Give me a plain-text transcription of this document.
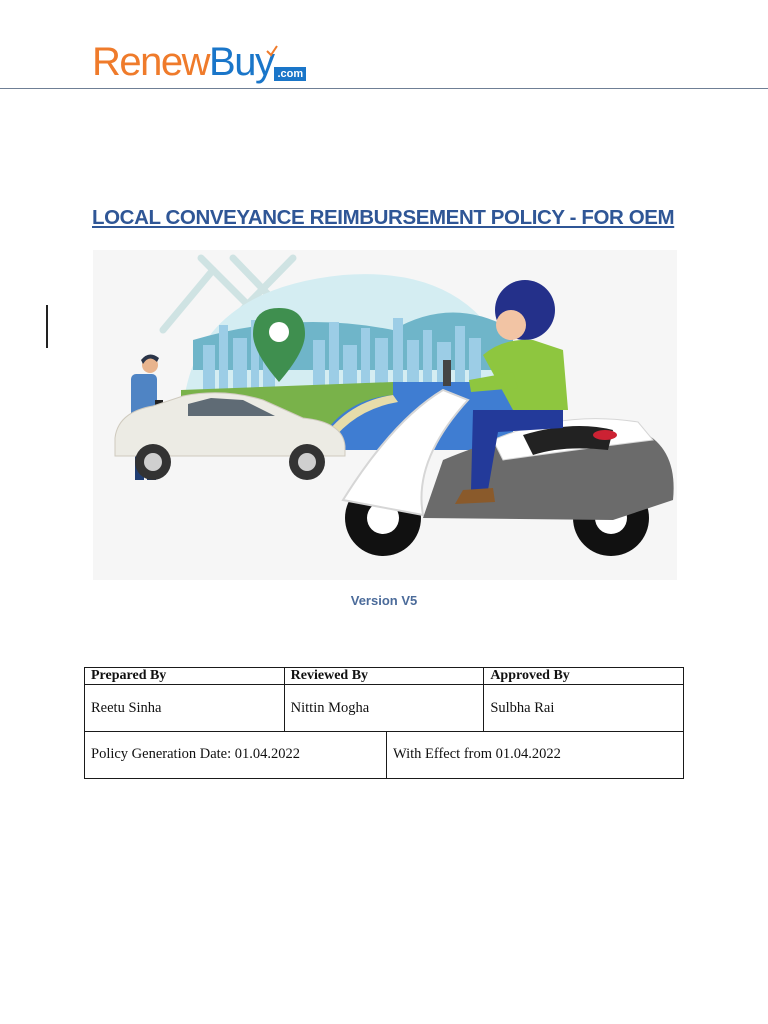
RenewBuy .com
LOCAL CONVEYANCE REIMBURSEMENT POLICY - FOR OEM
Version V5
Prepared By	Reviewed By	Approved By
Reetu Sinha	Nittin Mogha	Sulbha Rai
Policy Generation Date: 01.04.2022	With Effect from 01.04.2022
